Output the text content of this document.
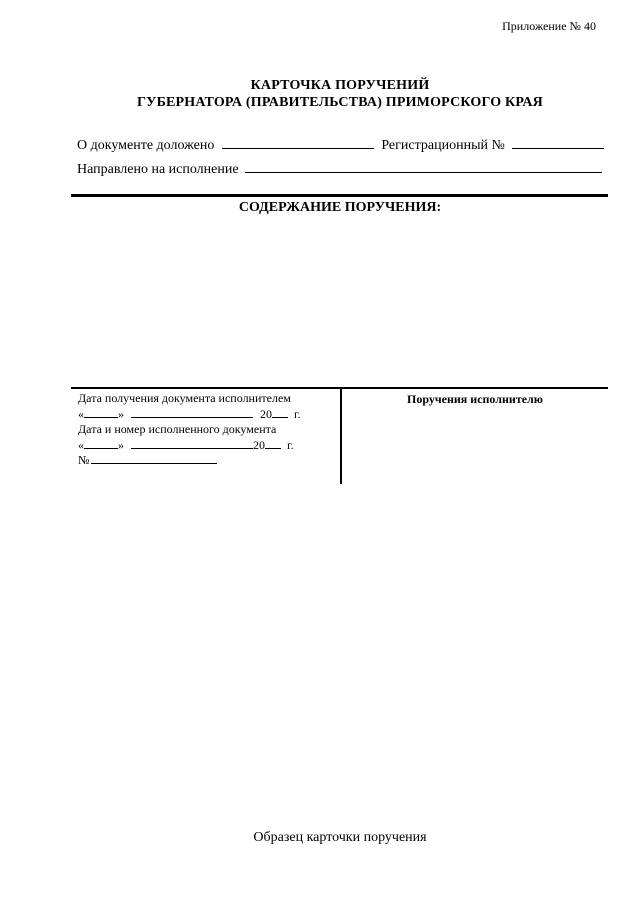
Приложение № 40
КАРТОЧКА ПОРУЧЕНИЙ
ГУБЕРНАТОРА (ПРАВИТЕЛЬСТВА) ПРИМОРСКОГО КРАЯ
О документе доложено	Регистрационный №
Направлено на исполнение
СОДЕРЖАНИЕ ПОРУЧЕНИЯ:
Дата получения документа исполнителем
«	»	20 г.
Дата и номер исполненного документа
«	»	20 г.
№
Поручения исполнителю
Образец карточки поручения
